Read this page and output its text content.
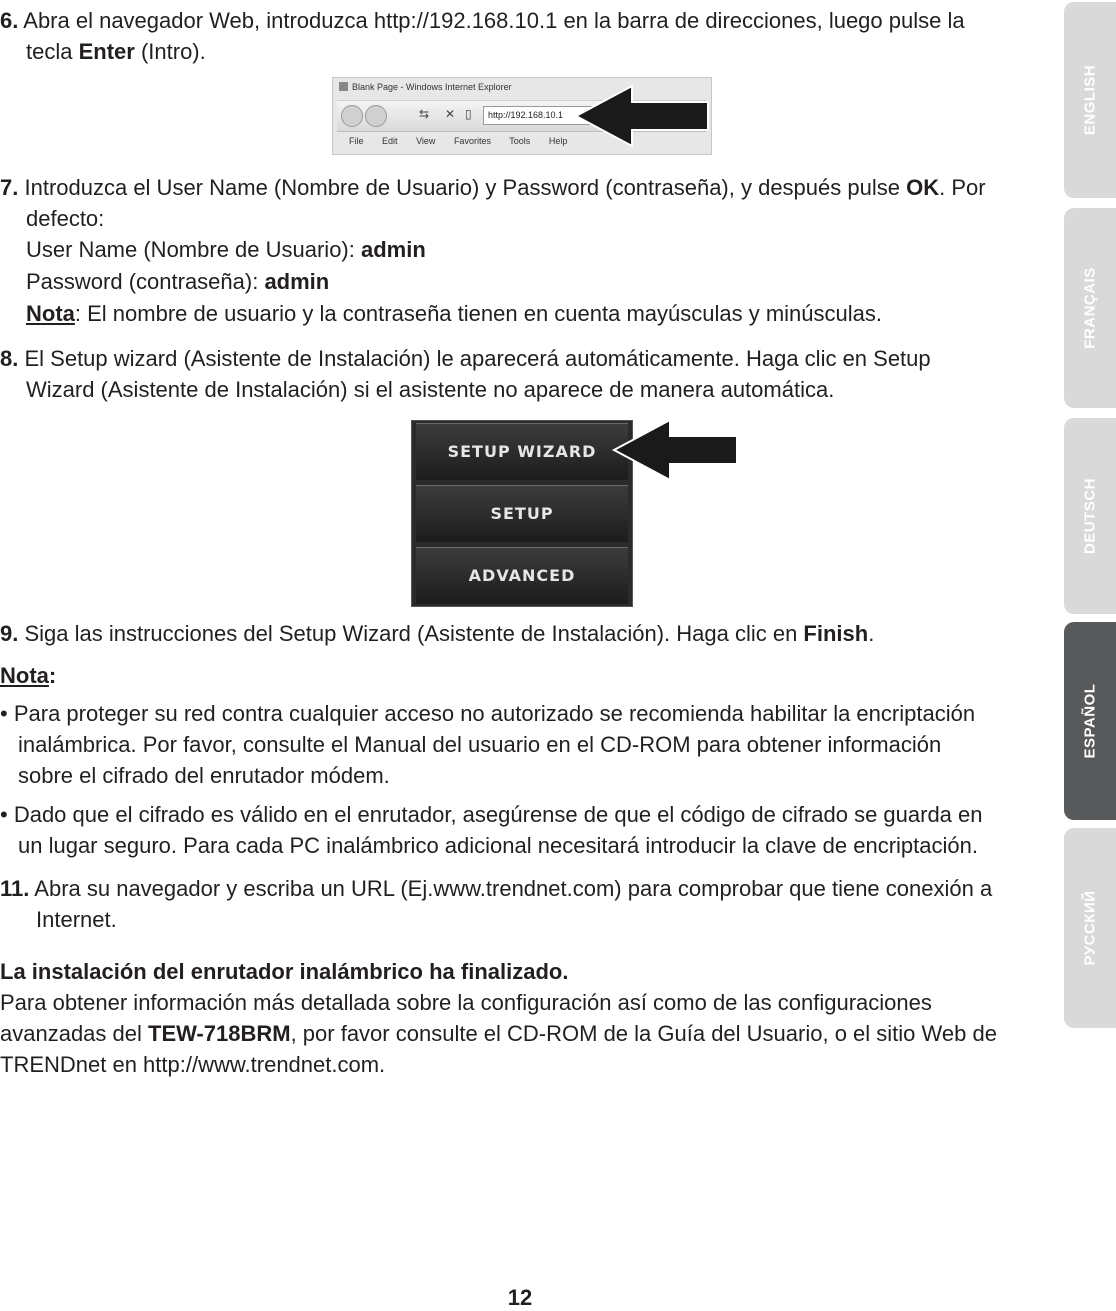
6. Abra el navegador Web, introduzca http://192.168.10.1 en la barra de direcciones, luego pulse la

tecla Enter (Intro).

Blank Page - Windows Internet Explorer
⇆ ✕ ▯	http://192.168.10.1
File Edit View Favorites Tools Help

7. Introduzca el User Name (Nombre de Usuario) y Password (contraseña), y después pulse OK. Por

defecto:

User Name (Nombre de Usuario): admin

Password (contraseña): admin

Nota: El nombre de usuario y la contraseña tienen en cuenta mayúsculas y minúsculas.

8. El Setup wizard (Asistente de Instalación) le aparecerá automáticamente. Haga clic en Setup

Wizard (Asistente de Instalación) si el asistente no aparece de manera automática.

SETUP WIZARD
SETUP
ADVANCED

9. Siga las instrucciones del Setup Wizard (Asistente de Instalación). Haga clic en Finish.

Nota:

• Para proteger su red contra cualquier acceso no autorizado se recomienda habilitar la encriptación

inalámbrica. Por favor, consulte el Manual del usuario en el CD-ROM para obtener información

sobre el cifrado del enrutador módem.

• Dado que el cifrado es válido en el enrutador, asegúrense de que el código de cifrado se guarda en

un lugar seguro. Para cada PC inalámbrico adicional necesitará introducir la clave de encriptación.

11. Abra su navegador y escriba un URL (Ej.www.trendnet.com) para comprobar que tiene conexión a

Internet.

La instalación del enrutador inalámbrico ha finalizado.

Para obtener información más detallada sobre la configuración así como de las configuraciones

avanzadas del TEW-718BRM, por favor consulte el CD-ROM de la Guía del Usuario, o el sitio Web de

TRENDnet en http://www.trendnet.com.

ENGLISH
FRANÇAIS
DEUTSCH
ESPAÑOL
РУССКИЙ
12
